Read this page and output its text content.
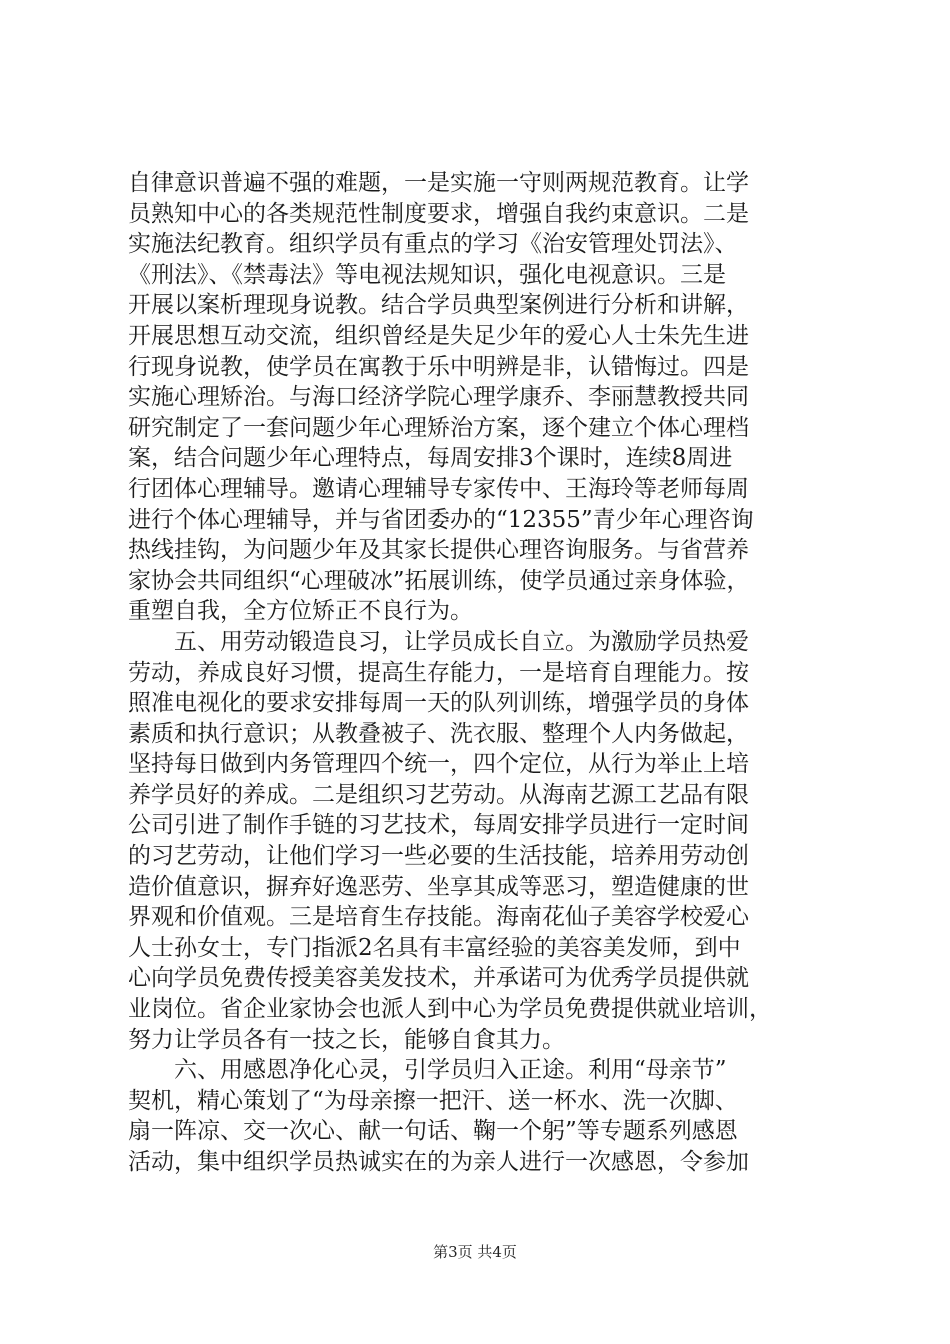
自律意识普遍不强的难题，一是实施一守则两规范教育。让学
员熟知中心的各类规范性制度要求，增强自我约束意识。二是
实施法纪教育。组织学员有重点的学习《治安管理处罚法》、
《刑法》、《禁毒法》等电视法规知识，强化电视意识。三是
开展以案析理现身说教。结合学员典型案例进行分析和讲解，
开展思想互动交流，组织曾经是失足少年的爱心人士朱先生进
行现身说教，使学员在寓教于乐中明辨是非，认错悔过。四是
实施心理矫治。与海口经济学院心理学康乔、李丽慧教授共同
研究制定了一套问题少年心理矫治方案，逐个建立个体心理档
案，结合问题少年心理特点，每周安排3个课时，连续8周进
行团体心理辅导。邀请心理辅导专家传中、王海玲等老师每周
进行个体心理辅导，并与省团委办的“12355”青少年心理咨询
热线挂钩，为问题少年及其家长提供心理咨询服务。与省营养
家协会共同组织“心理破冰”拓展训练，使学员通过亲身体验，
重塑自我，全方位矫正不良行为。
　　五、用劳动锻造良习，让学员成长自立。为激励学员热爱
劳动，养成良好习惯，提高生存能力，一是培育自理能力。按
照准电视化的要求安排每周一天的队列训练，增强学员的身体
素质和执行意识；从教叠被子、洗衣服、整理个人内务做起，
坚持每日做到内务管理四个统一，四个定位，从行为举止上培
养学员好的养成。二是组织习艺劳动。从海南艺源工艺品有限
公司引进了制作手链的习艺技术，每周安排学员进行一定时间
的习艺劳动，让他们学习一些必要的生活技能，培养用劳动创
造价值意识，摒弃好逸恶劳、坐享其成等恶习，塑造健康的世
界观和价值观。三是培育生存技能。海南花仙子美容学校爱心
人士孙女士，专门指派2名具有丰富经验的美容美发师，到中
心向学员免费传授美容美发技术，并承诺可为优秀学员提供就
业岗位。省企业家协会也派人到中心为学员免费提供就业培训，
努力让学员各有一技之长，能够自食其力。
　　六、用感恩净化心灵，引学员归入正途。利用“母亲节”
契机，精心策划了“为母亲擦一把汗、送一杯水、洗一次脚、
扇一阵凉、交一次心、献一句话、鞠一个躬”等专题系列感恩
活动，集中组织学员热诚实在的为亲人进行一次感恩，令参加
第3页 共4页
